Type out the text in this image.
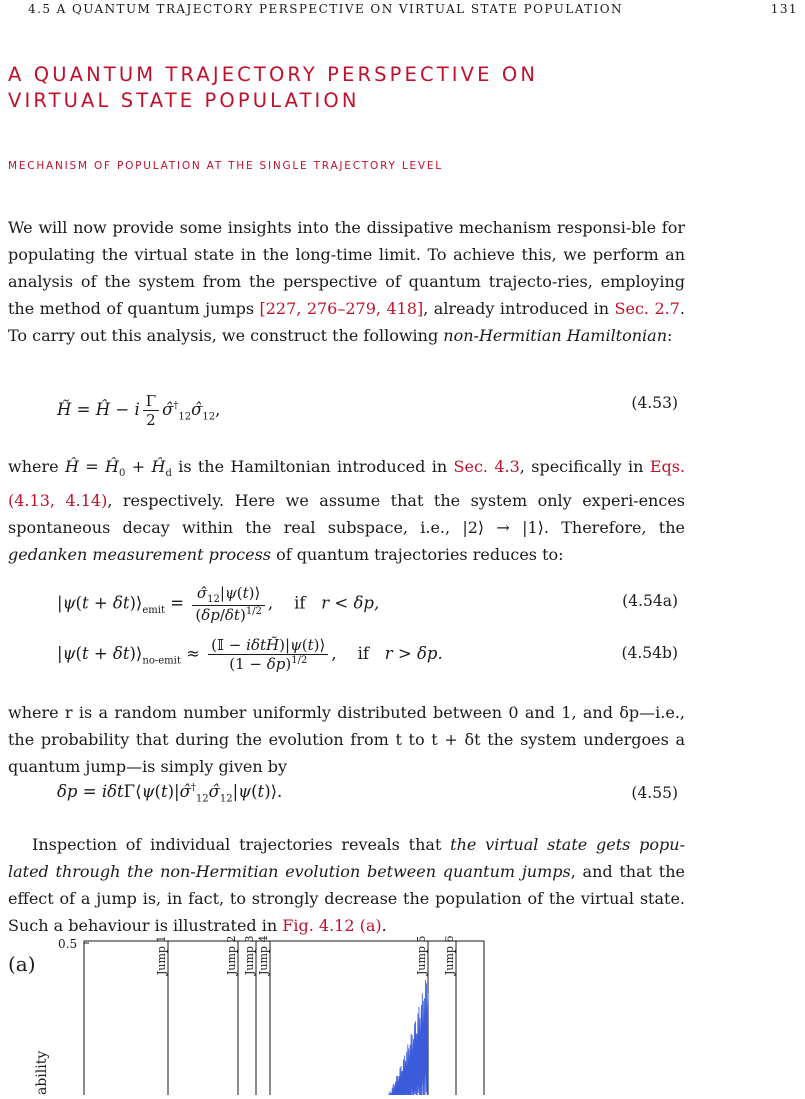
4.5 A QUANTUM TRAJECTORY PERSPECTIVE ON VIRTUAL STATE POPULATION	131
A QUANTUM TRAJECTORY PERSPECTIVE ON
VIRTUAL STATE POPULATION
MECHANISM OF POPULATION AT THE SINGLE TRAJECTORY LEVEL

We will now provide some insights into the dissipative mechanism responsi-ble for populating the virtual state in the long-time limit. To achieve this, we perform an analysis of the system from the perspective of quantum trajecto-ries, employing the method of quantum jumps [227, 276–279, 418], already introduced in Sec. 2.7. To carry out this analysis, we construct the following non-Hermitian Hamiltonian:

H̃ = Ĥ − i $\frac{\Gamma}{2}$ $\sigmâ^\dagger_{12}\sigmâ_{12}$,	(4.53)

where Ĥ = $Ĥ_0$ + $Ĥ_d$ is the Hamiltonian introduced in Sec. 4.3, specifically in Eqs. (4.13, 4.14), respectively. Here we assume that the system only experi-ences spontaneous decay within the real subspace, i.e., |2⟩ → |1⟩. Therefore, the gedanken measurement process of quantum trajectories reduces to:

$|\psi(t + \delta t)⟩_{emit} = \frac{\sigmâ_{12}|\psi(t)⟩}{(\delta p/\delta t)^{1/2}}$ ,    if r < δp,	(4.54a)
$|\psi(t + \delta t)⟩_{no-emit} \approx \frac{\text{(𝕀 − iδtH̃)|ψ(t)⟩}}{(1 - \delta p)^{1/2}}$ ,    if r > δp.	(4.54b)

where r is a random number uniformly distributed between 0 and 1, and δp—i.e., the probability that during the evolution from t to t + δt the system undergoes a quantum jump—is simply given by

$\delta p = i\delta t\Gamma⟨\psi(t)|\sigmâ^\dagger_{12}\sigmâ_{12}|\psi(t)⟩$.	(4.55)

Inspection of individual trajectories reveals that the virtual state gets popu-lated through the non-Hermitian evolution between quantum jumps, and that the effect of a jump is, in fact, to strongly decrease the population of the virtual state. Such a behaviour is illustrated in Fig. 4.12 (a).

(a)
0.5
ability
Jump 1	Jump 2 Jump 3 Jump 4	Jump 5 Jump 6
